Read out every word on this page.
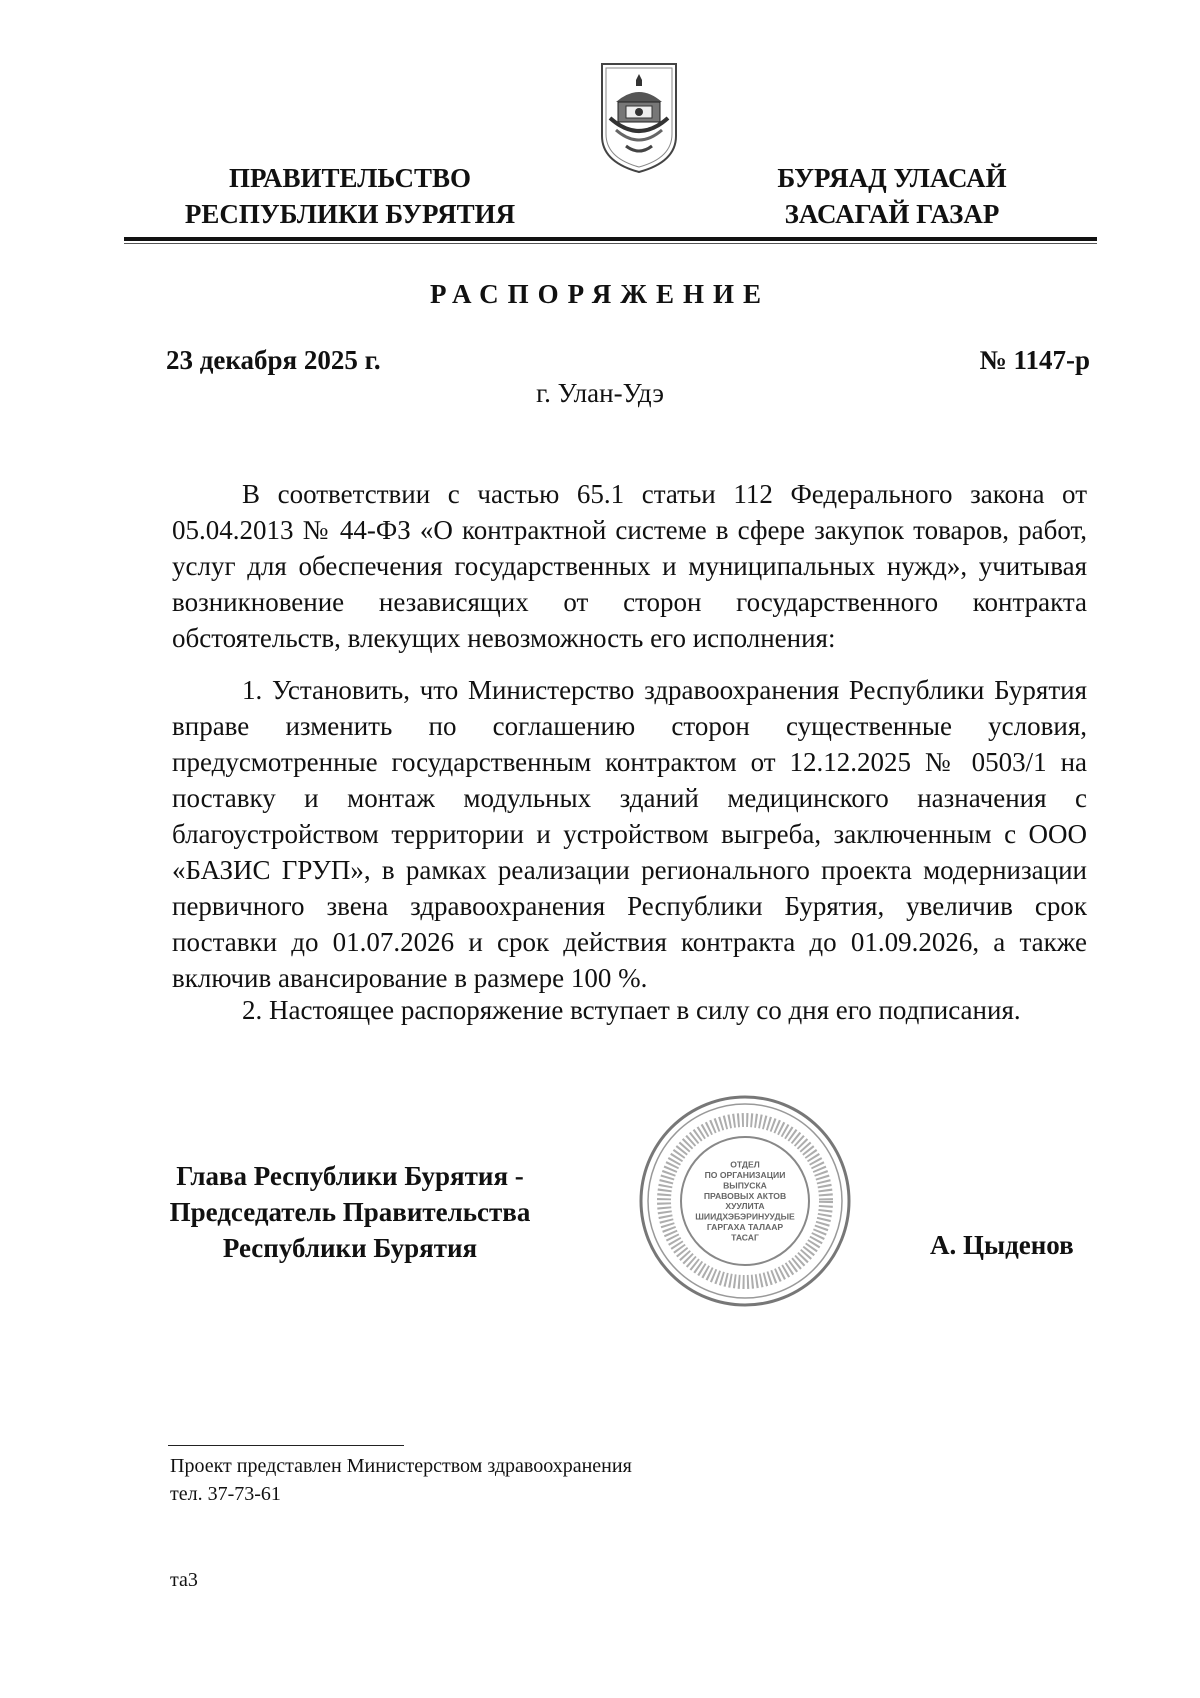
ПРАВИТЕЛЬСТВО
РЕСПУБЛИКИ БУРЯТИЯ
БУРЯАД УЛАСАЙ
ЗАСАГАЙ ГАЗАР
РАСПОРЯЖЕНИЕ
23 декабря 2025 г.	№ 1147-р
г. Улан-Удэ

В соответствии с частью 65.1 статьи 112 Федерального закона от 05.04.2013 № 44-ФЗ «О контрактной системе в сфере закупок товаров, работ, услуг для обеспечения государственных и муниципальных нужд», учитывая возникновение независящих от сторон государственного контракта обстоятельств, влекущих невозможность его исполнения:

1. Установить, что Министерство здравоохранения Республики Бурятия вправе изменить по соглашению сторон существенные условия, предусмотренные государственным контрактом от 12.12.2025 № 0503/1 на поставку и монтаж модульных зданий медицинского назначения с благоустройством территории и устройством выгреба, заключенным с ООО «БАЗИС ГРУП», в рамках реализации регионального проекта модернизации первичного звена здравоохранения Республики Бурятия, увеличив срок поставки до 01.07.2026 и срок действия контракта до 01.09.2026, а также включив авансирование в размере 100 %.

2. Настоящее распоряжение вступает в силу со дня его подписания.

Глава Республики Бурятия -
Председатель Правительства
Республики Бурятия
ОТДЕЛ
ПО ОРГАНИЗАЦИИ
ВЫПУСКА
ПРАВОВЫХ АКТОВ
ХУУЛИТА
ШИИДХЭБЭРИНУУДЫЕ
ГАРГАХА ТАЛААР
ТАСАГ	А. Цыденов
Проект представлен Министерством здравоохранения
тел. 37-73-61
та3
